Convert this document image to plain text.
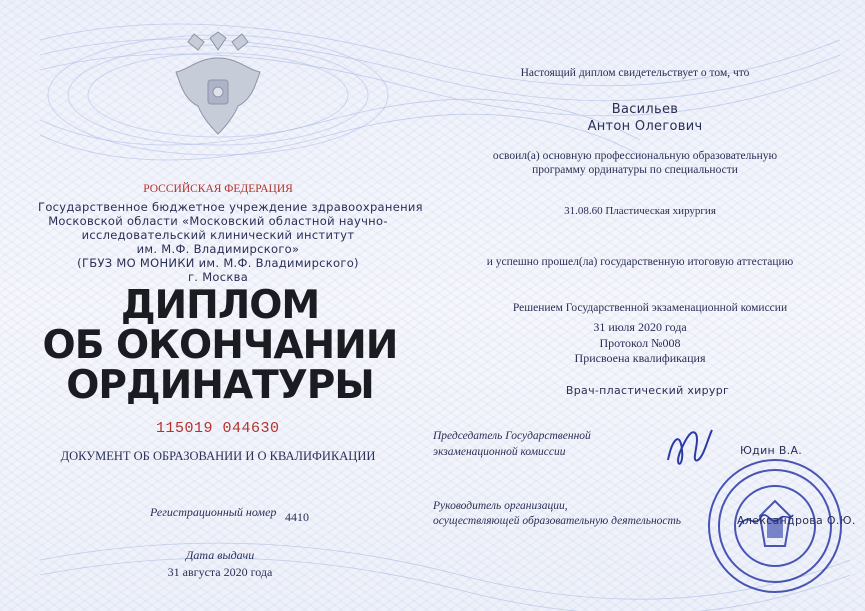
РОССИЙСКАЯ ФЕДЕРАЦИЯ
Государственное бюджетное учреждение здравоохранения
Московской области «Московский областной научно-
исследовательский клинический институт
им. М.Ф. Владимирского»
(ГБУЗ МО МОНИКИ им. М.Ф. Владимирского)
г. Москва
ДИПЛОМ
ОБ ОКОНЧАНИИ
ОРДИНАТУРЫ
115019 044630
ДОКУМЕНТ ОБ ОБРАЗОВАНИИ И О КВАЛИФИКАЦИИ
Регистрационный номер 4410
Дата выдачи
31 августа 2020 года
Настоящий диплом свидетельствует о том, что
Васильев
Антон Олегович
освоил(а) основную профессиональную образовательную
программу ординатуры по специальности
31.08.60 Пластическая хирургия
и успешно прошел(ла) государственную итоговую аттестацию
Решением Государственной экзаменационной комиссии
31 июля 2020 года
Протокол №008
Присвоена квалификация
Врач-пластический хирург
Председатель Государственной
экзаменационной комиссии	Юдин В.А.
Руководитель организации,
осуществляющей образовательную деятельность	Александрова О.Ю.
